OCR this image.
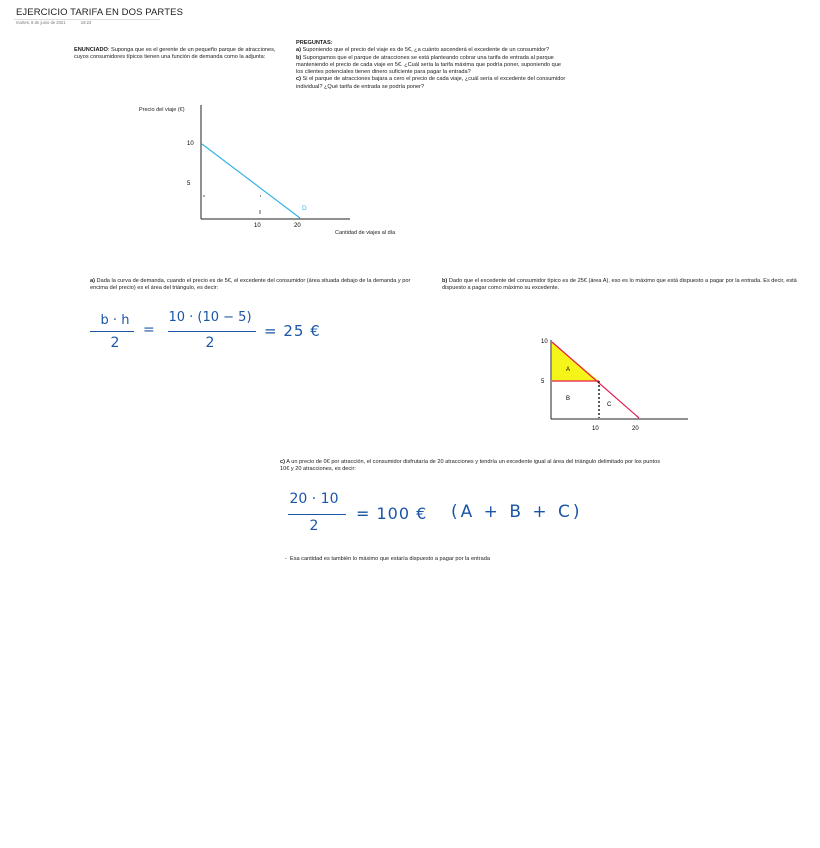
EJERCICIO TARIFA EN DOS PARTES
martes, 8 de junio de 2021	18:23
ENUNCIADO: Suponga que es el gerente de un pequeño parque de atracciones, cuyos consumidores típicos tienen una función de demanda como la adjunta:
PREGUNTAS:
a) Suponiendo que el precio del viaje es de 5€, ¿a cuánto ascenderá el excedente de un consumidor?
b) Supongamos que el parque de atracciones se está planteando cobrar una tarifa de entrada al parque manteniendo el precio de cada viaje en 5€. ¿Cuál sería la tarifa máxima que podría poner, suponiendo que los clientes potenciales tienen dinero suficiente para pagar la entrada?
c) Si el parque de atracciones bajara a cero el precio de cada viaje, ¿cuál sería el excedente del consumidor individual? ¿Qué tarifa de entrada se podría poner?
Precio del viaje (€)
10
5
10	20
D
Cantidad de viajes al día
a) Dada la curva de demanda, cuando el precio es de 5€, el excedente del consumidor (área situada debajo de la demanda y por encima del precio) es el área del triángulo, es decir:
b · h
2
=
10 · (10 − 5)
2
= 25 €
b) Dado que el excedente del consumidor típico es de 25€ (área A), eso es lo máximo que está dispuesto a pagar por la entrada. Es decir, está dispuesto a pagar como máximo su excedente.
10
5
10	20
A
B
C
c) A un precio de 0€ por atracción, el consumidor disfrutaría de 20 atracciones y tendría un excedente igual al área del triángulo delimitado por los puntos 10€ y 20 atracciones, es decir:
20 · 10
2
= 100 € (A + B + C)
- Esa cantidad es también lo máximo que estaría dispuesto a pagar por la entrada
